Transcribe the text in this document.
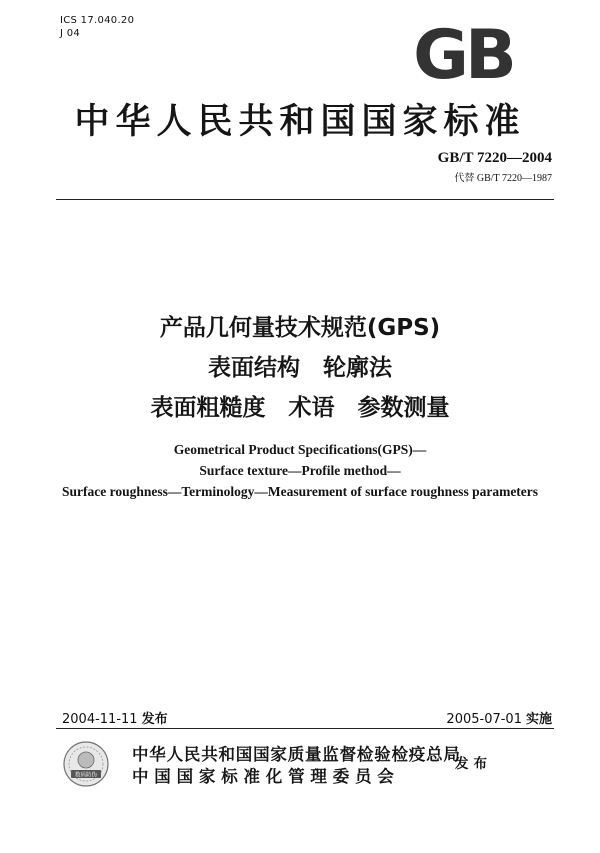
ICS 17.040.20
J 04	GB
中华人民共和国国家标准
GB/T 7220—2004
代替 GB/T 7220—1987
产品几何量技术规范(GPS)
表面结构　轮廓法
表面粗糙度　术语　参数测量
Geometrical Product Specifications(GPS)—
Surface texture—Profile method—
Surface roughness—Terminology—Measurement of surface roughness parameters
2004-11-11 发布	2005-07-01 实施
数码防伪
中华人民共和国国家质量监督检验检疫总局
中国国家标准化管理委员会
发布
